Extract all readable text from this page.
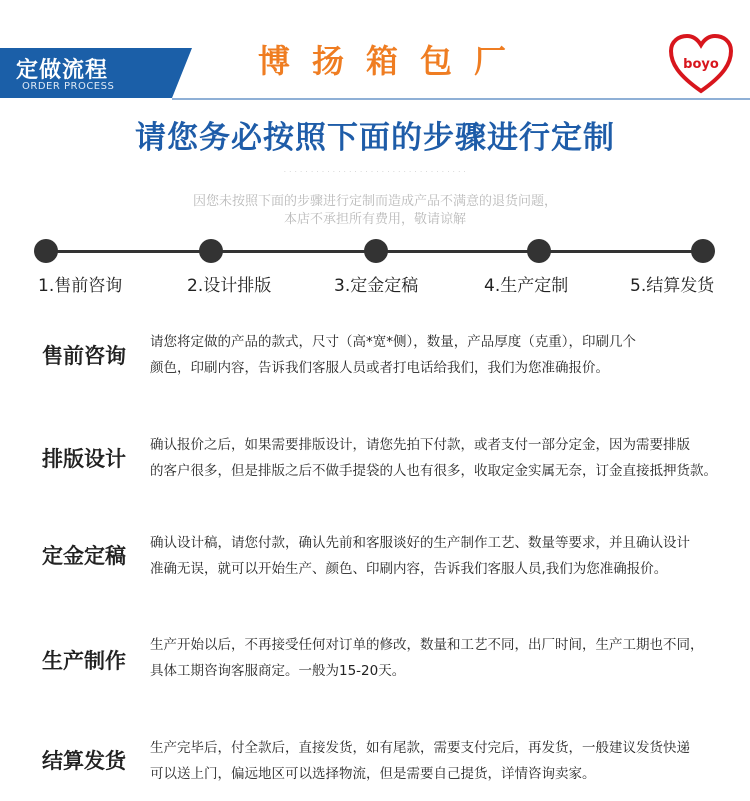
定做流程
ORDER PROCESS
博扬箱包厂	boyo
请您务必按照下面的步骤进行定制
· · · · · · · · · · · · · · · · · · · · · · · · · · · · · · · · · ·
因您未按照下面的步骤进行定制而造成产品不满意的退货问题，
本店不承担所有费用，敬请谅解
1.售前咨询	2.设计排版	3.定金定稿	4.生产定制	5.结算发货
售前咨询
请您将定做的产品的款式，尺寸（高*宽*侧），数量，产品厚度（克重），印刷几个
颜色，印刷内容，告诉我们客服人员或者打电话给我们，我们为您准确报价。
排版设计
确认报价之后，如果需要排版设计，请您先拍下付款，或者支付一部分定金，因为需要排版
的客户很多，但是排版之后不做手提袋的人也有很多，收取定金实属无奈，订金直接抵押货款。
定金定稿
确认设计稿，请您付款，确认先前和客服谈好的生产制作工艺、数量等要求，并且确认设计
准确无误，就可以开始生产、颜色、印刷内容，告诉我们客服人员,我们为您准确报价。
生产制作
生产开始以后，不再接受任何对订单的修改，数量和工艺不同，出厂时间，生产工期也不同，
具体工期咨询客服商定。一般为15-20天。
结算发货
生产完毕后，付全款后，直接发货，如有尾款，需要支付完后，再发货，一般建议发货快递
可以送上门，偏远地区可以选择物流，但是需要自己提货，详情咨询卖家。
